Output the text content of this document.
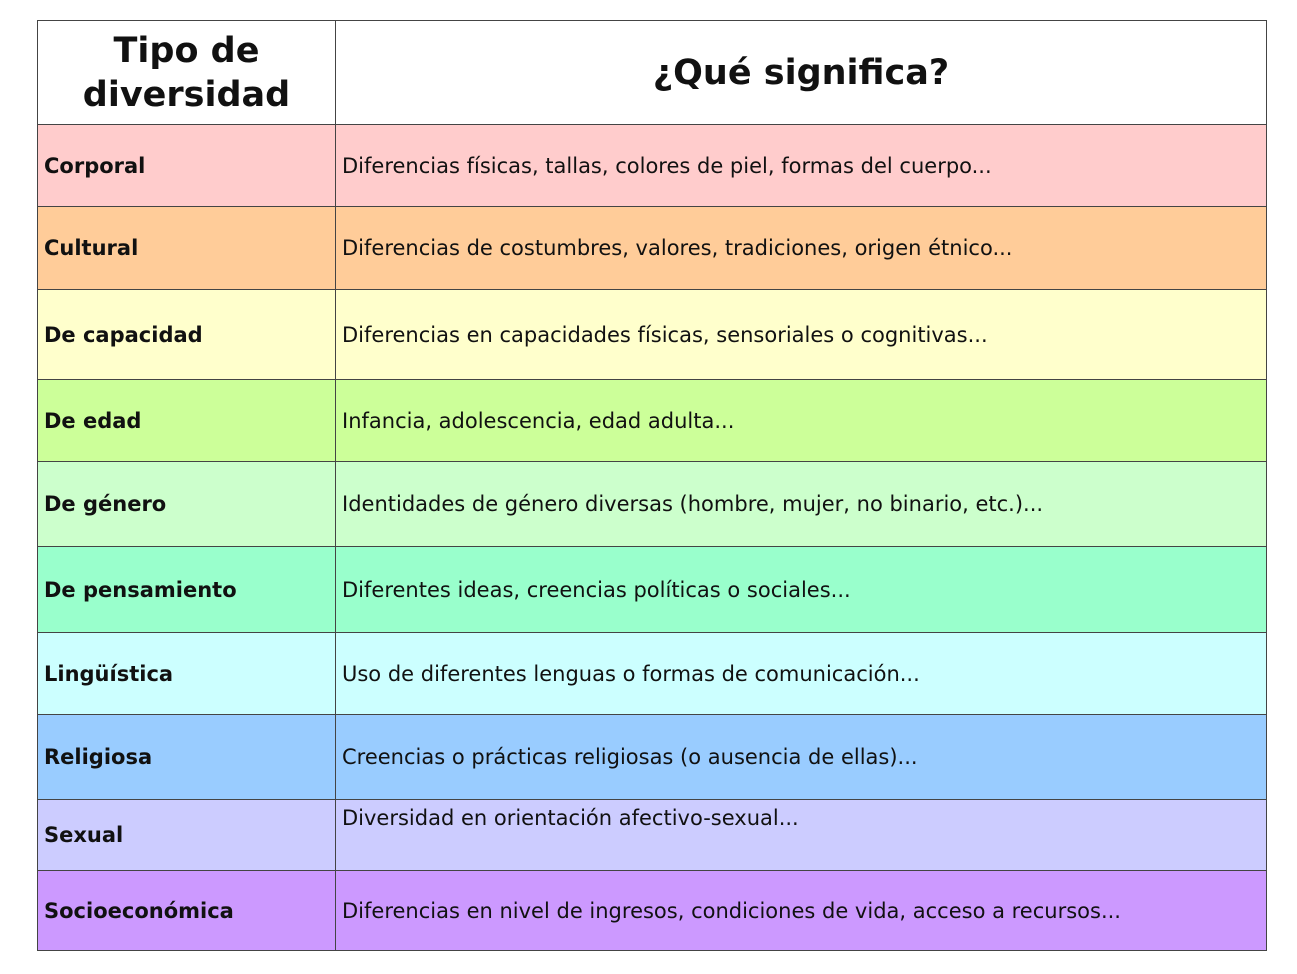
Tipo de diversidad	¿Qué significa?
Corporal	Diferencias físicas, tallas, colores de piel, formas del cuerpo...
Cultural	Diferencias de costumbres, valores, tradiciones, origen étnico...
De capacidad	Diferencias en capacidades físicas, sensoriales o cognitivas...
De edad	Infancia, adolescencia, edad adulta...
De género	Identidades de género diversas (hombre, mujer, no binario, etc.)...
De pensamiento	Diferentes ideas, creencias políticas o sociales...
Lingüística	Uso de diferentes lenguas o formas de comunicación...
Religiosa	Creencias o prácticas religiosas (o ausencia de ellas)...
Sexual	Diversidad en orientación afectivo-sexual...
Socioeconómica	Diferencias en nivel de ingresos, condiciones de vida, acceso a recursos...
